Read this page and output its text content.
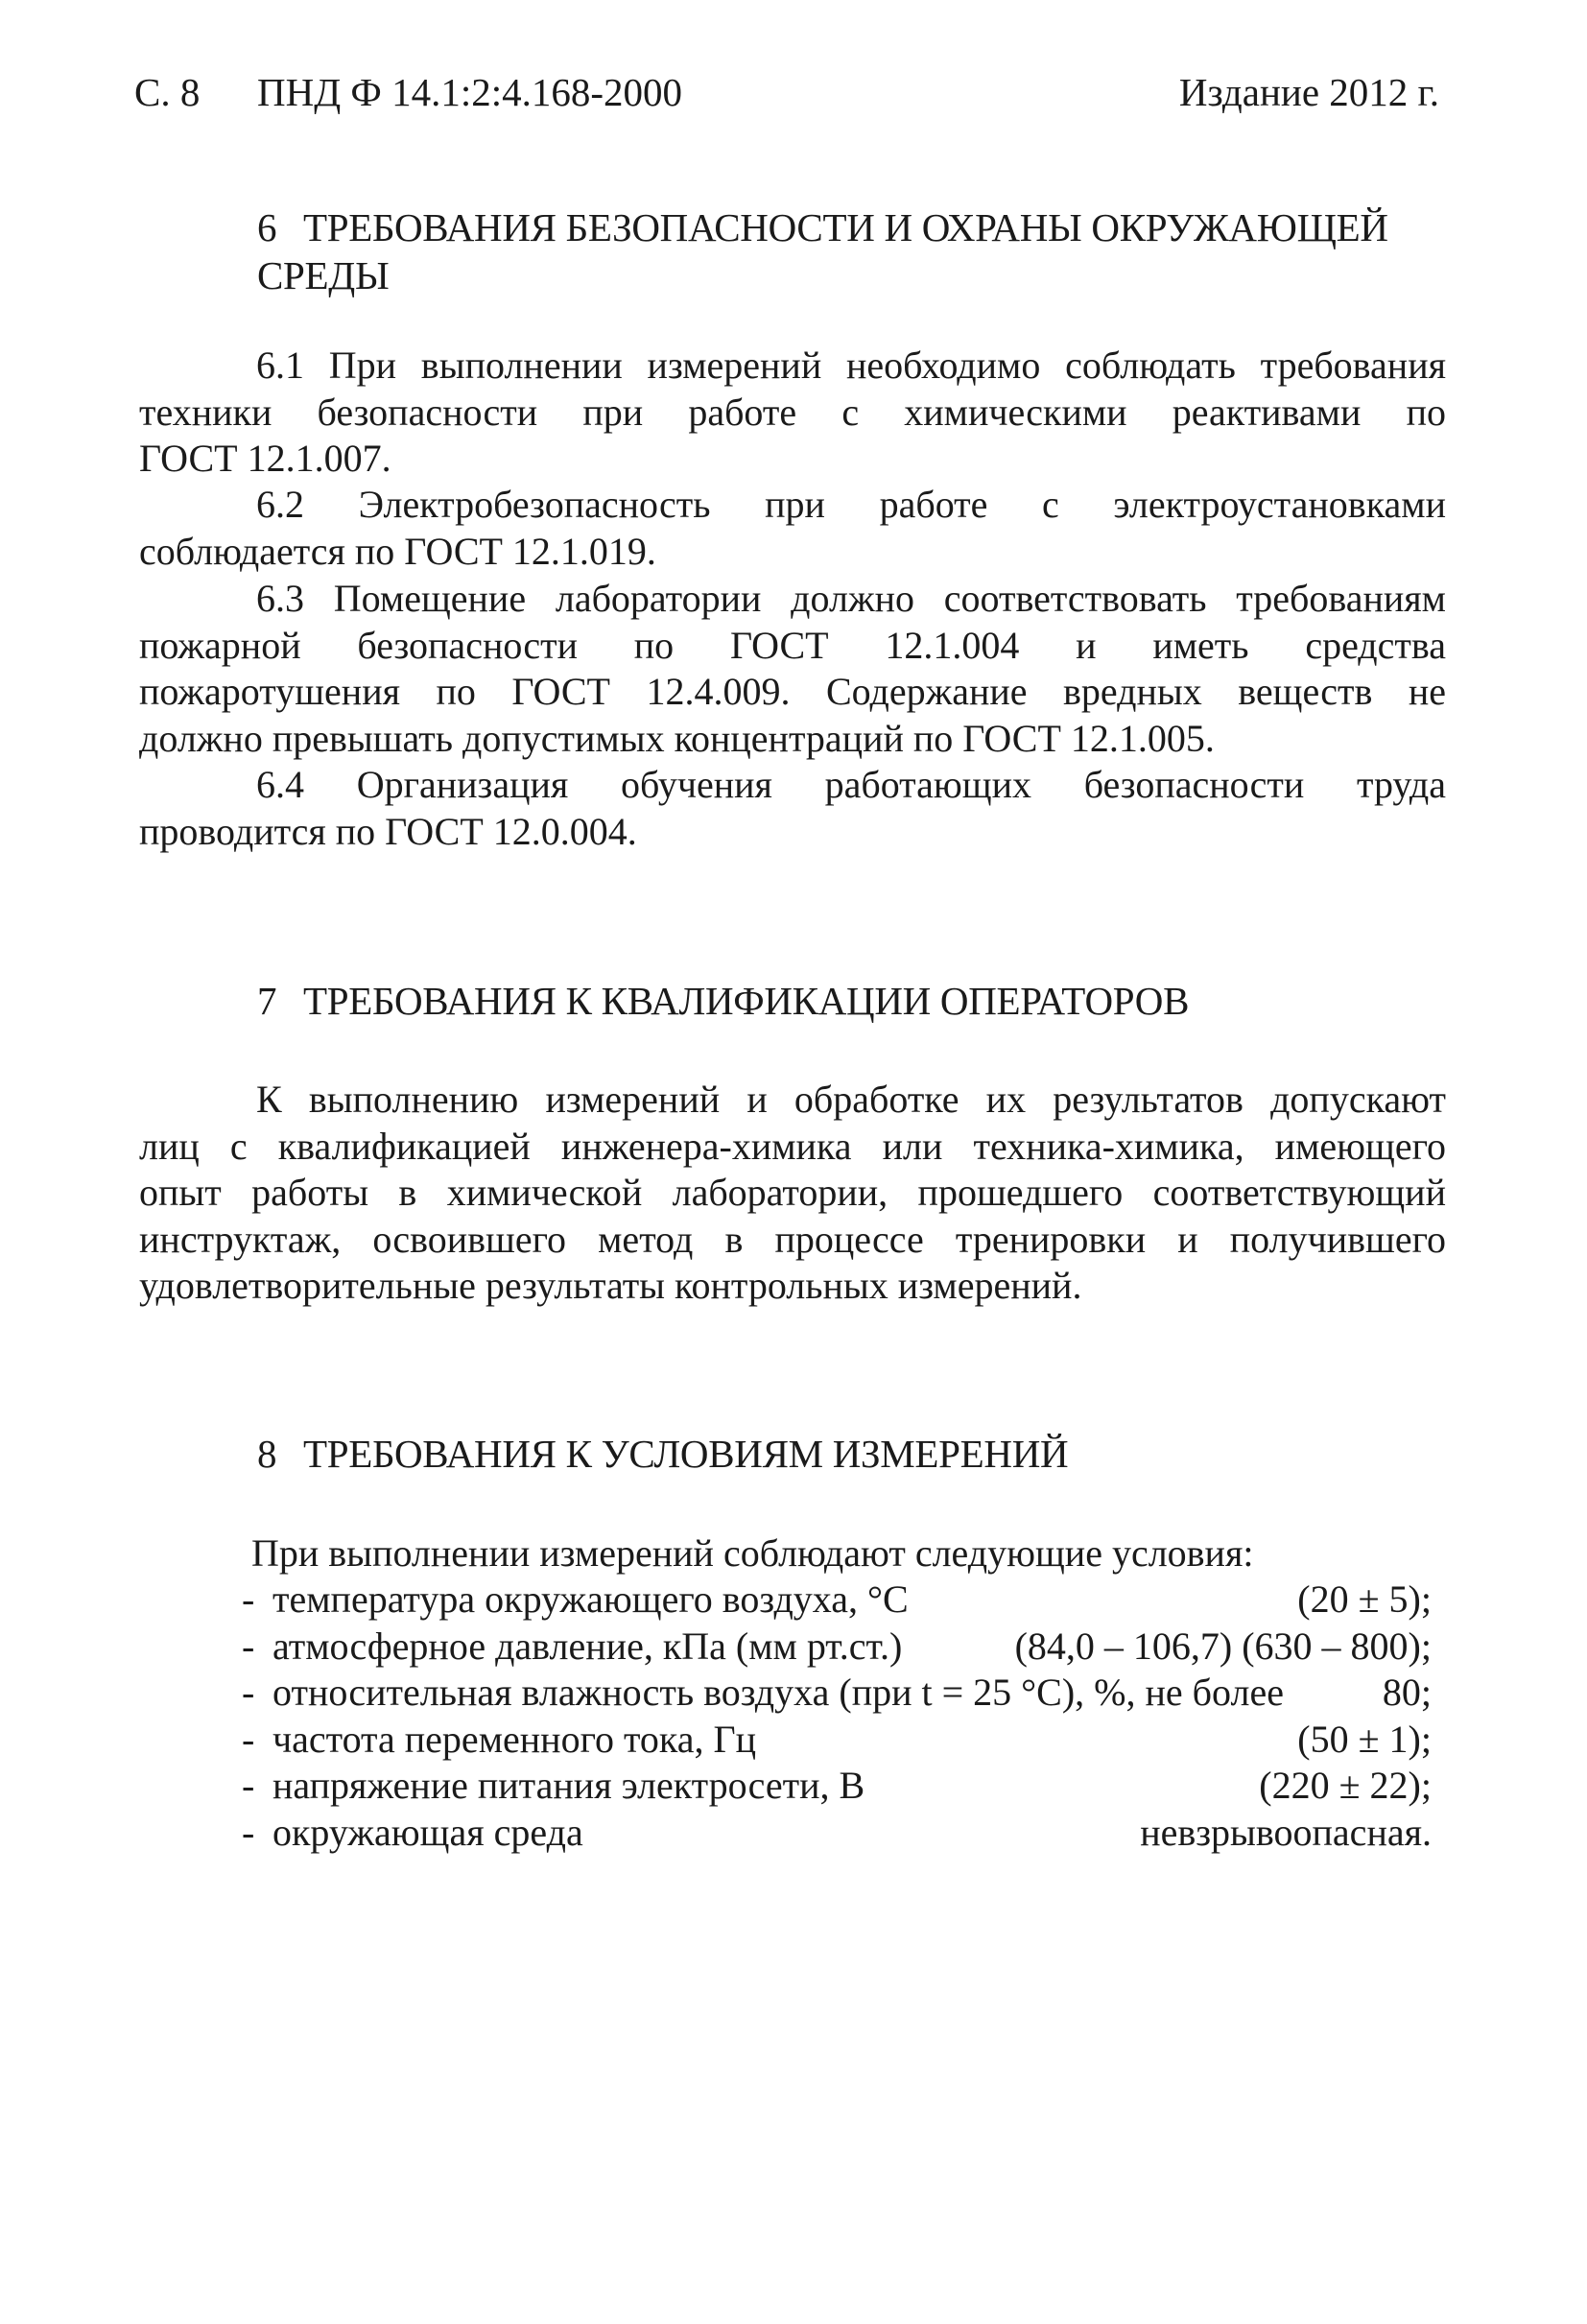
С. 8 ПНД Ф 14.1:2:4.168-2000	Издание 2012 г.
6 ТРЕБОВАНИЯ БЕЗОПАСНОСТИ И ОХРАНЫ ОКРУЖАЮЩЕЙ
СРЕДЫ
6.1 При выполнении измерений необходимо соблюдать требования
техники безопасности при работе с химическими реактивами по
ГОСТ 12.1.007.
6.2 Электробезопасность при работе с электроустановками
соблюдается по ГОСТ 12.1.019.
6.3 Помещение лаборатории должно соответствовать требованиям
пожарной безопасности по ГОСТ 12.1.004 и иметь средства
пожаротушения по ГОСТ 12.4.009. Содержание вредных веществ не
должно превышать допустимых концентраций по ГОСТ 12.1.005.
6.4 Организация обучения работающих безопасности труда
проводится по ГОСТ 12.0.004.
7 ТРЕБОВАНИЯ К КВАЛИФИКАЦИИ ОПЕРАТОРОВ
К выполнению измерений и обработке их результатов допускают
лиц с квалификацией инженера-химика или техника-химика, имеющего
опыт работы в химической лаборатории, прошедшего соответствующий
инструктаж, освоившего метод в процессе тренировки и получившего
удовлетворительные результаты контрольных измерений.
8 ТРЕБОВАНИЯ К УСЛОВИЯМ ИЗМЕРЕНИЙ
При выполнении измерений соблюдают следующие условия:
- температура окружающего воздуха, °С	(20 ± 5);
- атмосферное давление, кПа (мм рт.ст.)	(84,0 – 106,7) (630 – 800);
- относительная влажность воздуха (при t = 25 °С), %, не более	80;
- частота переменного тока, Гц	(50 ± 1);
- напряжение питания электросети, В	(220 ± 22);
- окружающая среда	невзрывоопасная.
